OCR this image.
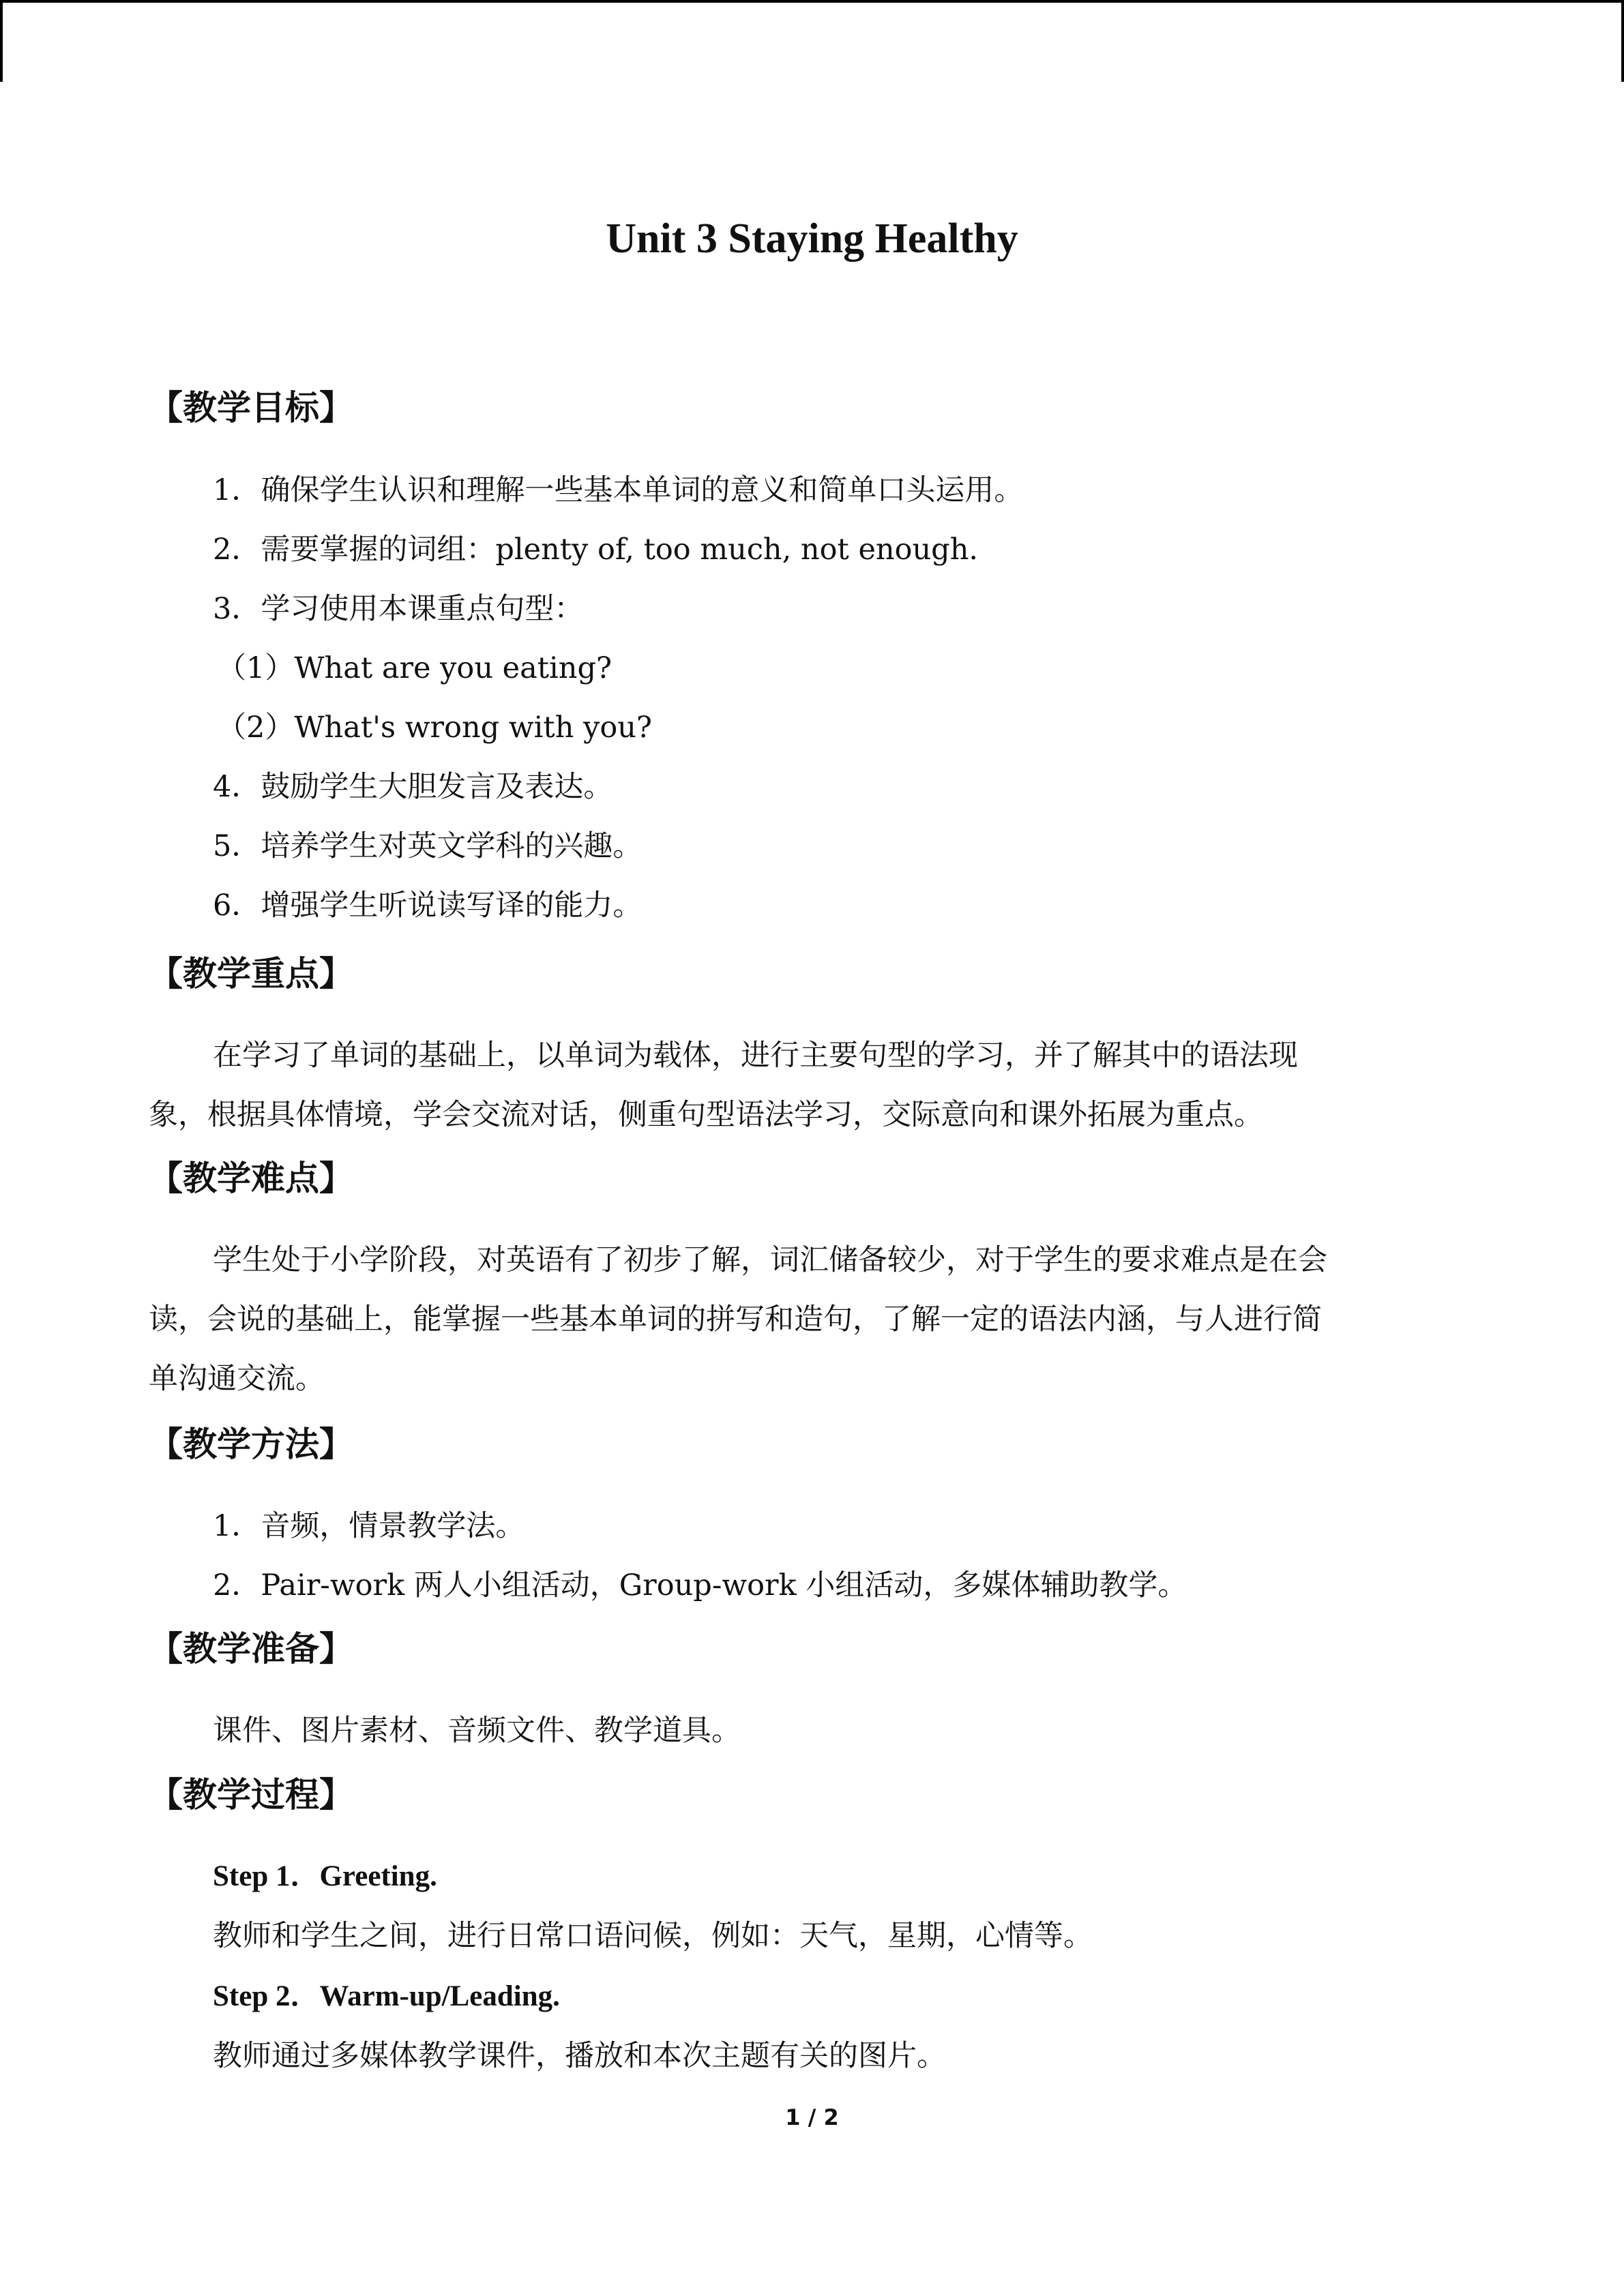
Unit 3 Staying Healthy
【教学目标】
1．确保学生认识和理解一些基本单词的意义和简单口头运用。
2．需要掌握的词组：plenty of, too much, not enough.
3．学习使用本课重点句型：
（1）What are you eating?
（2）What's wrong with you?
4．鼓励学生大胆发言及表达。
5．培养学生对英文学科的兴趣。
6．增强学生听说读写译的能力。
【教学重点】
在学习了单词的基础上，以单词为载体，进行主要句型的学习，并了解其中的语法现
象，根据具体情境，学会交流对话，侧重句型语法学习，交际意向和课外拓展为重点。
【教学难点】
学生处于小学阶段，对英语有了初步了解，词汇储备较少，对于学生的要求难点是在会
读，会说的基础上，能掌握一些基本单词的拼写和造句，了解一定的语法内涵，与人进行简
单沟通交流。
【教学方法】
1．音频，情景教学法。
2．Pair-work 两人小组活动，Group-work 小组活动，多媒体辅助教学。
【教学准备】
课件、图片素材、音频文件、教学道具。
【教学过程】
Step 1．Greeting.
教师和学生之间，进行日常口语问候，例如：天气，星期，心情等。
Step 2．Warm-up/Leading.
教师通过多媒体教学课件，播放和本次主题有关的图片。
1 / 2
